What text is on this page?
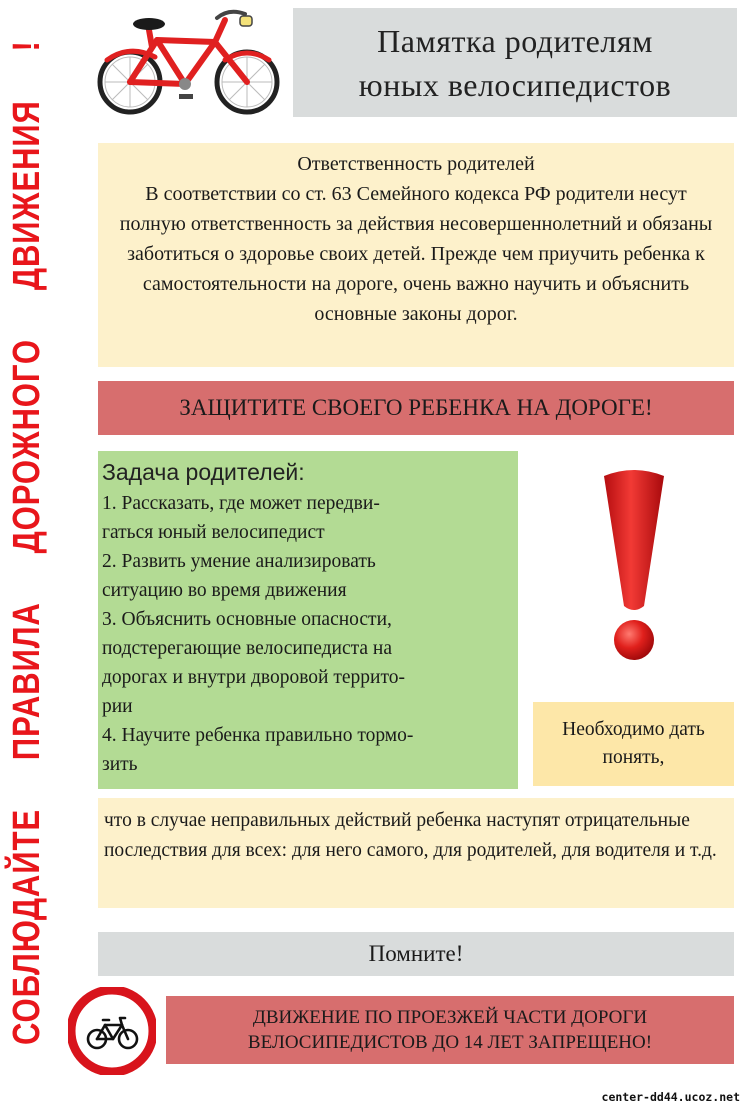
СОБЛЮДАЙТЕ ПРАВИЛА ДОРОЖНОГО ДВИЖЕНИЯ !	Памятка родителям
юных велосипедистов
Ответственность родителей
В соответствии со ст. 63 Семейного кодекса РФ родители несут полную ответственность за действия несовершеннолетний и обязаны заботиться о здоровье своих детей. Прежде чем приучить ребенка к самостоятельности на дороге, очень важно научить и объяснить основные законы дорог.
ЗАЩИТИТЕ СВОЕГО РЕБЕНКА НА ДОРОГЕ!
Задача родителей:
1. Рассказать, где может передви-
гаться юный велосипедист
2. Развить умение анализировать
ситуацию во время движения
3. Объяснить основные опасности,
подстерегающие велосипедиста на
дорогах и внутри дворовой террито-
рии
4. Научите ребенка правильно тормо-
зить
Необходимо дать понять,
что в случае неправильных действий ребенка наступят отрицательные последствия для всех: для него самого, для родителей, для водителя и т.д.
Помните!
ДВИЖЕНИЕ ПО ПРОЕЗЖЕЙ ЧАСТИ ДОРОГИ ВЕЛОСИПЕДИСТОВ ДО 14 ЛЕТ ЗАПРЕЩЕНО!
center-dd44.ucoz.net
